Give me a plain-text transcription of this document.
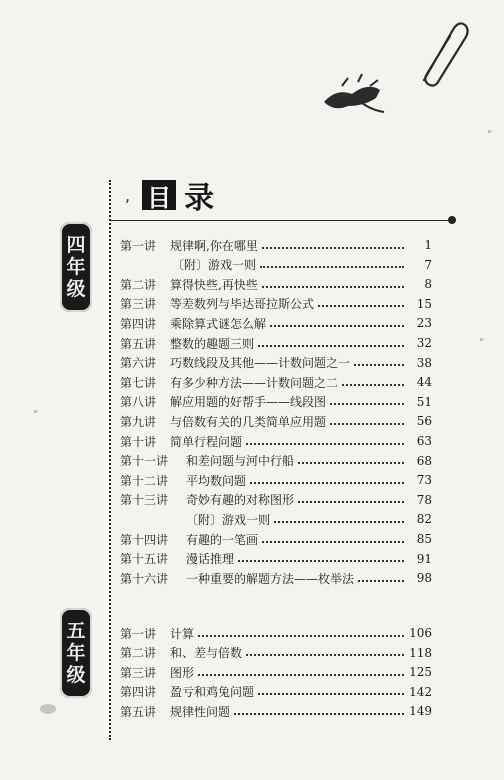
, 目 录
四
年
级
五
年
级
第一讲	规律啊,你在哪里	1
〔附〕游戏一则	7
第二讲	算得快些,再快些	8
第三讲	等差数列与毕达哥拉斯公式	15
第四讲	乘除算式谜怎么解	23
第五讲	整数的趣题三则	32
第六讲	巧数线段及其他——计数问题之一	38
第七讲	有多少种方法——计数问题之二	44
第八讲	解应用题的好帮手——线段图	51
第九讲	与倍数有关的几类简单应用题	56
第十讲	简单行程问题	63
第十一讲	和差问题与河中行船	68
第十二讲	平均数问题	73
第十三讲	奇妙有趣的对称图形	78
〔附〕游戏一则	82
第十四讲	有趣的一笔画	85
第十五讲	漫话推理	91
第十六讲	一种重要的解题方法——枚举法	98
第一讲	计算	106
第二讲	和、差与倍数	118
第三讲	图形	125
第四讲	盈亏和鸡兔问题	142
第五讲	规律性问题	149
